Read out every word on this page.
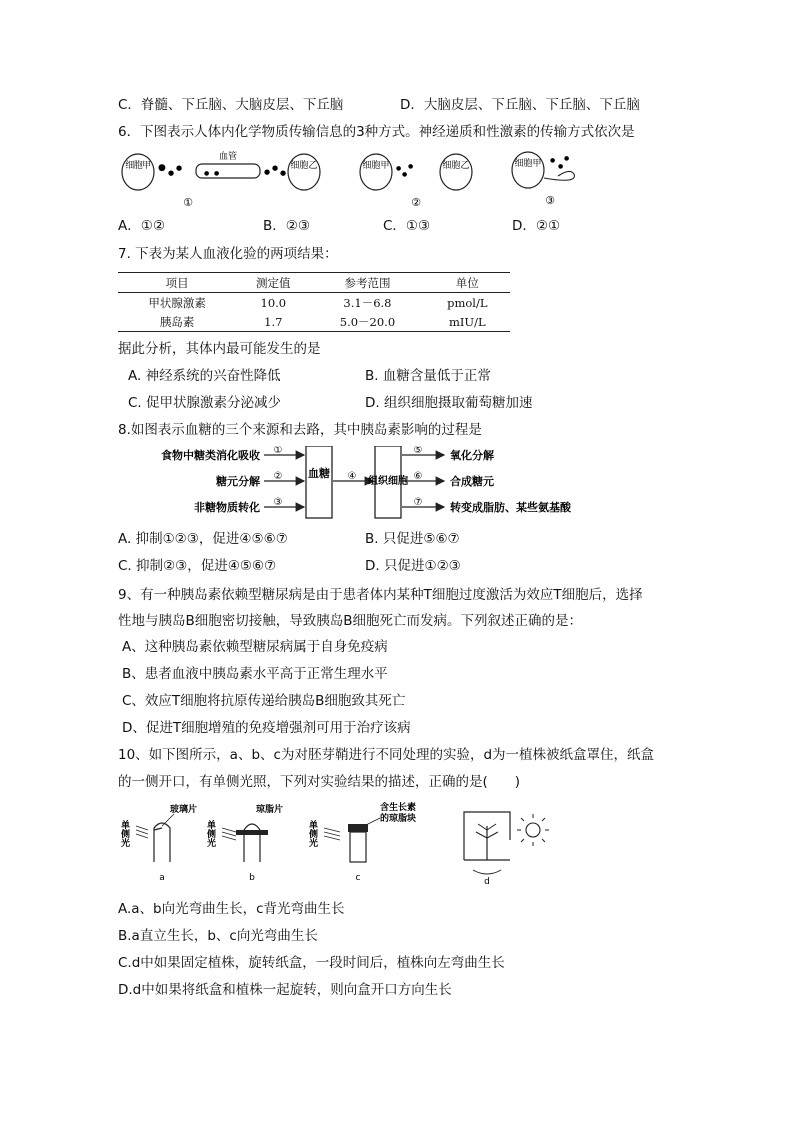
C．脊髓、下丘脑、大脑皮层、下丘脑	D．大脑皮层、下丘脑、下丘脑、下丘脑
6．下图表示人体内化学物质传输信息的3种方式。神经递质和性激素的传输方式依次是
细胞甲 ● ●
●
血管
● ●	● ●
●
细胞乙
①
细胞甲 ●
●
●	细胞乙
②
细胞甲 ●
●
●
③
A．①②	B．②③	C．①③	D．②①
7. 下表为某人血液化验的两项结果：
项目	测定值	参考范围	单位
甲状腺激素	10.0	3.1－6.8	pmol/L
胰岛素	1.7	5.0－20.0	mIU/L
据此分析，其体内最可能发生的是
A. 神经系统的兴奋性降低	B. 血糖含量低于正常
C. 促甲状腺激素分泌减少	D. 组织细胞摄取葡萄糖加速
8.如图表示血糖的三个来源和去路，其中胰岛素影响的过程是
食物中糖类消化吸收
糖元分解
非糖物质转化
①
②
③
血糖 ④ 组织细胞
⑤
⑥
⑦
氧化分解
合成糖元
转变成脂肪、某些氨基酸
A. 抑制①②③，促进④⑤⑥⑦	B. 只促进⑤⑥⑦
C. 抑制②③，促进④⑤⑥⑦	D. 只促进①②③
9、有一种胰岛素依赖型糖尿病是由于患者体内某种T细胞过度激活为效应T细胞后，选择
性地与胰岛B细胞密切接触，导致胰岛B细胞死亡而发病。下列叙述正确的是：
A、这种胰岛素依赖型糖尿病属于自身免疫病
B、患者血液中胰岛素水平高于正常生理水平
C、效应T细胞将抗原传递给胰岛B细胞致其死亡
D、促进T细胞增殖的免疫增强剂可用于治疗该病
10、如下图所示，a、b、c为对胚芽鞘进行不同处理的实验，d为一植株被纸盒罩住，纸盒
的一侧开口，有单侧光照，下列对实验结果的描述，正确的是(　　)
单侧光
玻璃片
a
单侧光
琼脂片
b
单侧光
含生长素
的琼脂块
c	d
A.a、b向光弯曲生长，c背光弯曲生长
B.a直立生长，b、c向光弯曲生长
C.d中如果固定植株，旋转纸盒，一段时间后，植株向左弯曲生长
D.d中如果将纸盒和植株一起旋转，则向盒开口方向生长
